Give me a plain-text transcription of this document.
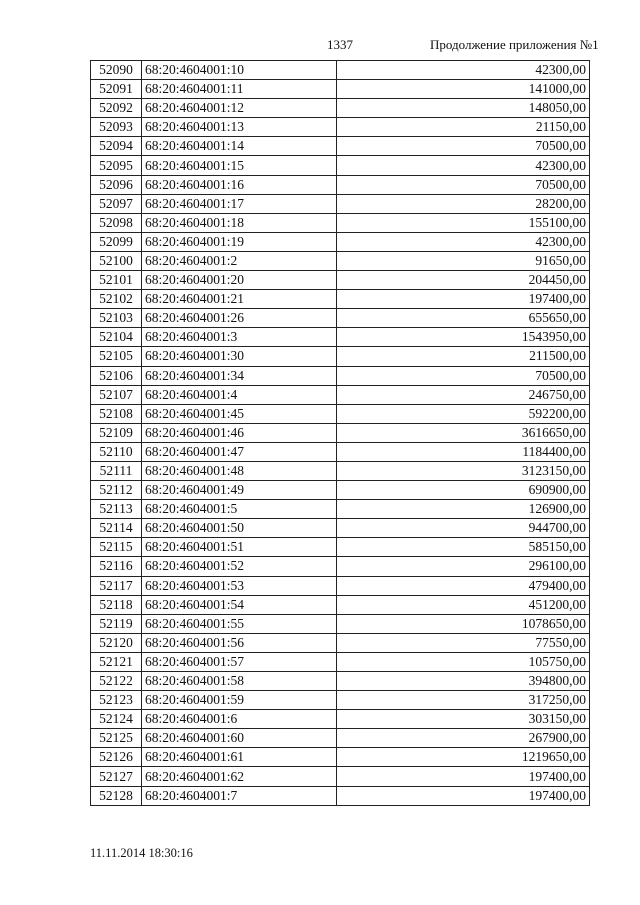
1337	Продолжение приложения №1
52090	68:20:4604001:10	42300,00
52091	68:20:4604001:11	141000,00
52092	68:20:4604001:12	148050,00
52093	68:20:4604001:13	21150,00
52094	68:20:4604001:14	70500,00
52095	68:20:4604001:15	42300,00
52096	68:20:4604001:16	70500,00
52097	68:20:4604001:17	28200,00
52098	68:20:4604001:18	155100,00
52099	68:20:4604001:19	42300,00
52100	68:20:4604001:2	91650,00
52101	68:20:4604001:20	204450,00
52102	68:20:4604001:21	197400,00
52103	68:20:4604001:26	655650,00
52104	68:20:4604001:3	1543950,00
52105	68:20:4604001:30	211500,00
52106	68:20:4604001:34	70500,00
52107	68:20:4604001:4	246750,00
52108	68:20:4604001:45	592200,00
52109	68:20:4604001:46	3616650,00
52110	68:20:4604001:47	1184400,00
52111	68:20:4604001:48	3123150,00
52112	68:20:4604001:49	690900,00
52113	68:20:4604001:5	126900,00
52114	68:20:4604001:50	944700,00
52115	68:20:4604001:51	585150,00
52116	68:20:4604001:52	296100,00
52117	68:20:4604001:53	479400,00
52118	68:20:4604001:54	451200,00
52119	68:20:4604001:55	1078650,00
52120	68:20:4604001:56	77550,00
52121	68:20:4604001:57	105750,00
52122	68:20:4604001:58	394800,00
52123	68:20:4604001:59	317250,00
52124	68:20:4604001:6	303150,00
52125	68:20:4604001:60	267900,00
52126	68:20:4604001:61	1219650,00
52127	68:20:4604001:62	197400,00
52128	68:20:4604001:7	197400,00
11.11.2014 18:30:16
